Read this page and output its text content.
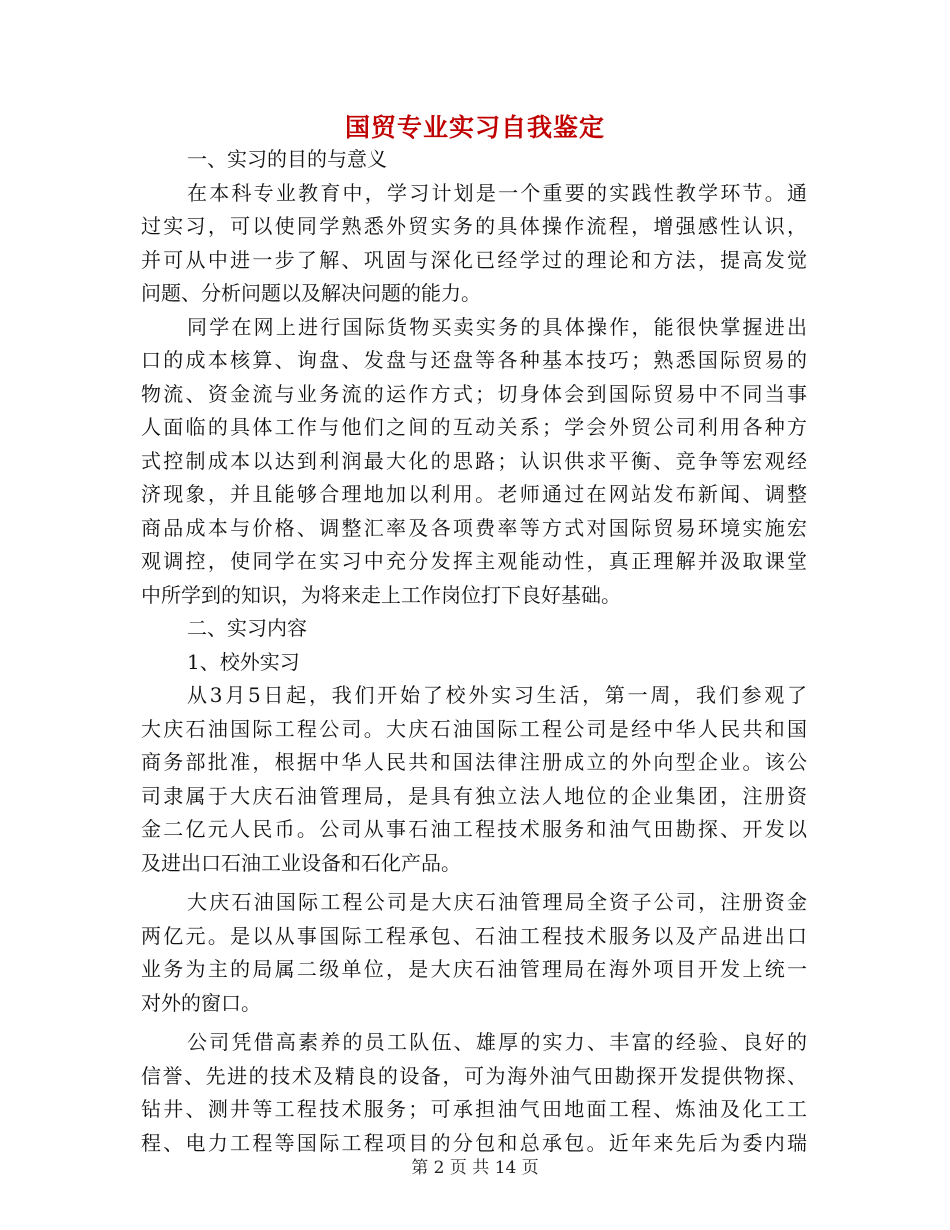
国贸专业实习自我鉴定
一、实习的目的与意义
在本科专业教育中，学习计划是一个重要的实践性教学环节。通
过实习，可以使同学熟悉外贸实务的具体操作流程，增强感性认识，
并可从中进一步了解、巩固与深化已经学过的理论和方法，提高发觉
问题、分析问题以及解决问题的能力。
同学在网上进行国际货物买卖实务的具体操作，能很快掌握进出
口的成本核算、询盘、发盘与还盘等各种基本技巧；熟悉国际贸易的
物流、资金流与业务流的运作方式；切身体会到国际贸易中不同当事
人面临的具体工作与他们之间的互动关系；学会外贸公司利用各种方
式控制成本以达到利润最大化的思路；认识供求平衡、竞争等宏观经
济现象，并且能够合理地加以利用。老师通过在网站发布新闻、调整
商品成本与价格、调整汇率及各项费率等方式对国际贸易环境实施宏
观调控，使同学在实习中充分发挥主观能动性，真正理解并汲取课堂
中所学到的知识，为将来走上工作岗位打下良好基础。
二、实习内容
1、校外实习
从3月5日起，我们开始了校外实习生活，第一周，我们参观了
大庆石油国际工程公司。大庆石油国际工程公司是经中华人民共和国
商务部批准，根据中华人民共和国法律注册成立的外向型企业。该公
司隶属于大庆石油管理局，是具有独立法人地位的企业集团，注册资
金二亿元人民币。公司从事石油工程技术服务和油气田勘探、开发以
及进出口石油工业设备和石化产品。
大庆石油国际工程公司是大庆石油管理局全资子公司，注册资金
两亿元。是以从事国际工程承包、石油工程技术服务以及产品进出口
业务为主的局属二级单位，是大庆石油管理局在海外项目开发上统一
对外的窗口。
公司凭借高素养的员工队伍、雄厚的实力、丰富的经验、良好的
信誉、先进的技术及精良的设备，可为海外油气田勘探开发提供物探、
钻井、测井等工程技术服务；可承担油气田地面工程、炼油及化工工
程、电力工程等国际工程项目的分包和总承包。近年来先后为委内瑞
第 2 页 共 14 页
